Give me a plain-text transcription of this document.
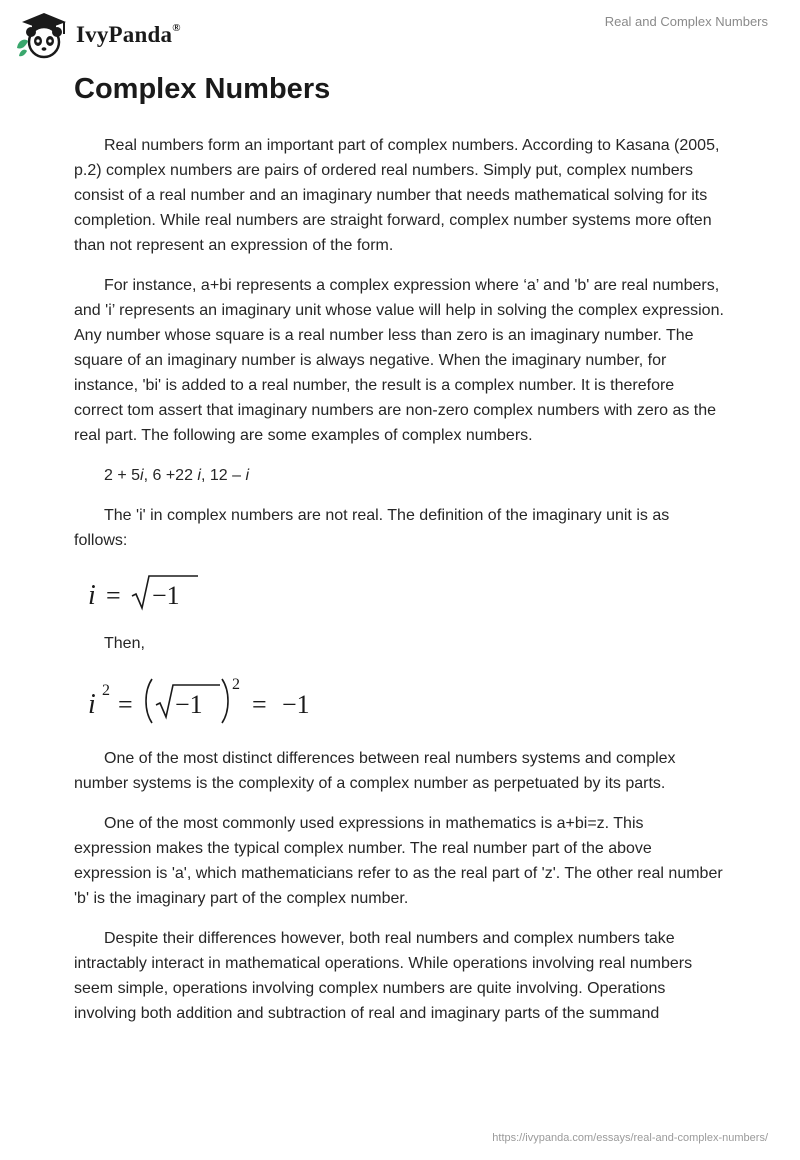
IvyPanda®	Real and Complex Numbers
Complex Numbers

Real numbers form an important part of complex numbers. According to Kasana (2005, p.2) complex numbers are pairs of ordered real numbers. Simply put, complex numbers consist of a real number and an imaginary number that needs mathematical solving for its completion. While real numbers are straight forward, complex number systems more often than not represent an expression of the form.

For instance, a+bi represents a complex expression where ‘a’ and 'b' are real numbers, and 'i’ represents an imaginary unit whose value will help in solving the complex expression. Any number whose square is a real number less than zero is an imaginary number. The square of an imaginary number is always negative. When the imaginary number, for instance, 'bi' is added to a real number, the result is a complex number. It is therefore correct tom assert that imaginary numbers are non-zero complex numbers with zero as the real part. The following are some examples of complex numbers.

2 + 5i, 6 +22 i, 12 – i

The 'i' in complex numbers are not real. The definition of the imaginary unit is as follows:

i = −1

Then,

i 2 = −1
2
= −1

One of the most distinct differences between real numbers systems and complex number systems is the complexity of a complex number as perpetuated by its parts.

One of the most commonly used expressions in mathematics is a+bi=z. This expression makes the typical complex number. The real number part of the above expression is 'a', which mathematicians refer to as the real part of 'z'. The other real number 'b' is the imaginary part of the complex number.

Despite their differences however, both real numbers and complex numbers take intractably interact in mathematical operations. While operations involving real numbers seem simple, operations involving complex numbers are quite involving. Operations involving both addition and subtraction of real and imaginary parts of the summand

https://ivypanda.com/essays/real-and-complex-numbers/
